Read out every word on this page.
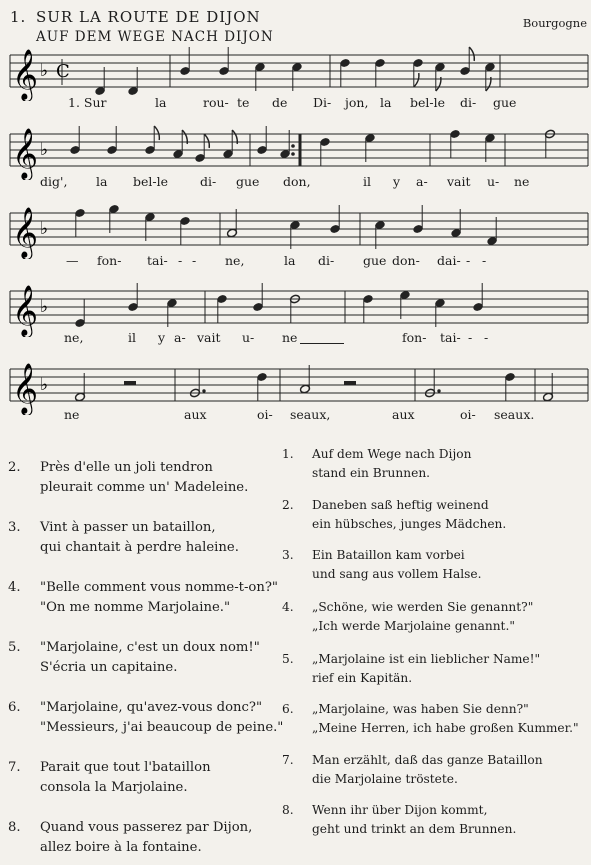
1. SUR LA ROUTE DE DIJON
AUF DEM WEGE NACH DIJON
Bourgogne
𝄞 ♭ C
𝄞 ♭
𝄞 ♭
𝄞 ♭
𝄞 ♭
1. Sur	la	rou- te de Di- jon, la bel-le di- gue
dig', la bel-le	di- gue don,	il y a- vait u- ne
— fon- tai- - - ne,	la di- gue don- dai- - -
ne,	il y a- vait u- ne	fon- tai- - -
ne	aux	oi- seaux,	aux	oi- seaux.
2. Près d'elle un joli tendron
pleurait comme un' Madeleine.
3. Vint à passer un bataillon,
qui chantait à perdre haleine.
4. "Belle comment vous nomme-t-on?"
"On me nomme Marjolaine."
5. "Marjolaine, c'est un doux nom!"
S'écria un capitaine.
6. "Marjolaine, qu'avez-vous donc?"
"Messieurs, j'ai beaucoup de peine."
7. Parait que tout l'bataillon
consola la Marjolaine.
8. Quand vous passerez par Dijon,
allez boire à la fontaine.
1. Auf dem Wege nach Dijon
stand ein Brunnen.
2. Daneben saß heftig weinend
ein hübsches, junges Mädchen.
3. Ein Bataillon kam vorbei
und sang aus vollem Halse.
4. „Schöne, wie werden Sie genannt?"
„Ich werde Marjolaine genannt."
5. „Marjolaine ist ein lieblicher Name!"
rief ein Kapitän.
6. „Marjolaine, was haben Sie denn?"
„Meine Herren, ich habe großen Kummer."
7. Man erzählt, daß das ganze Bataillon
die Marjolaine tröstete.
8. Wenn ihr über Dijon kommt,
geht und trinkt an dem Brunnen.
